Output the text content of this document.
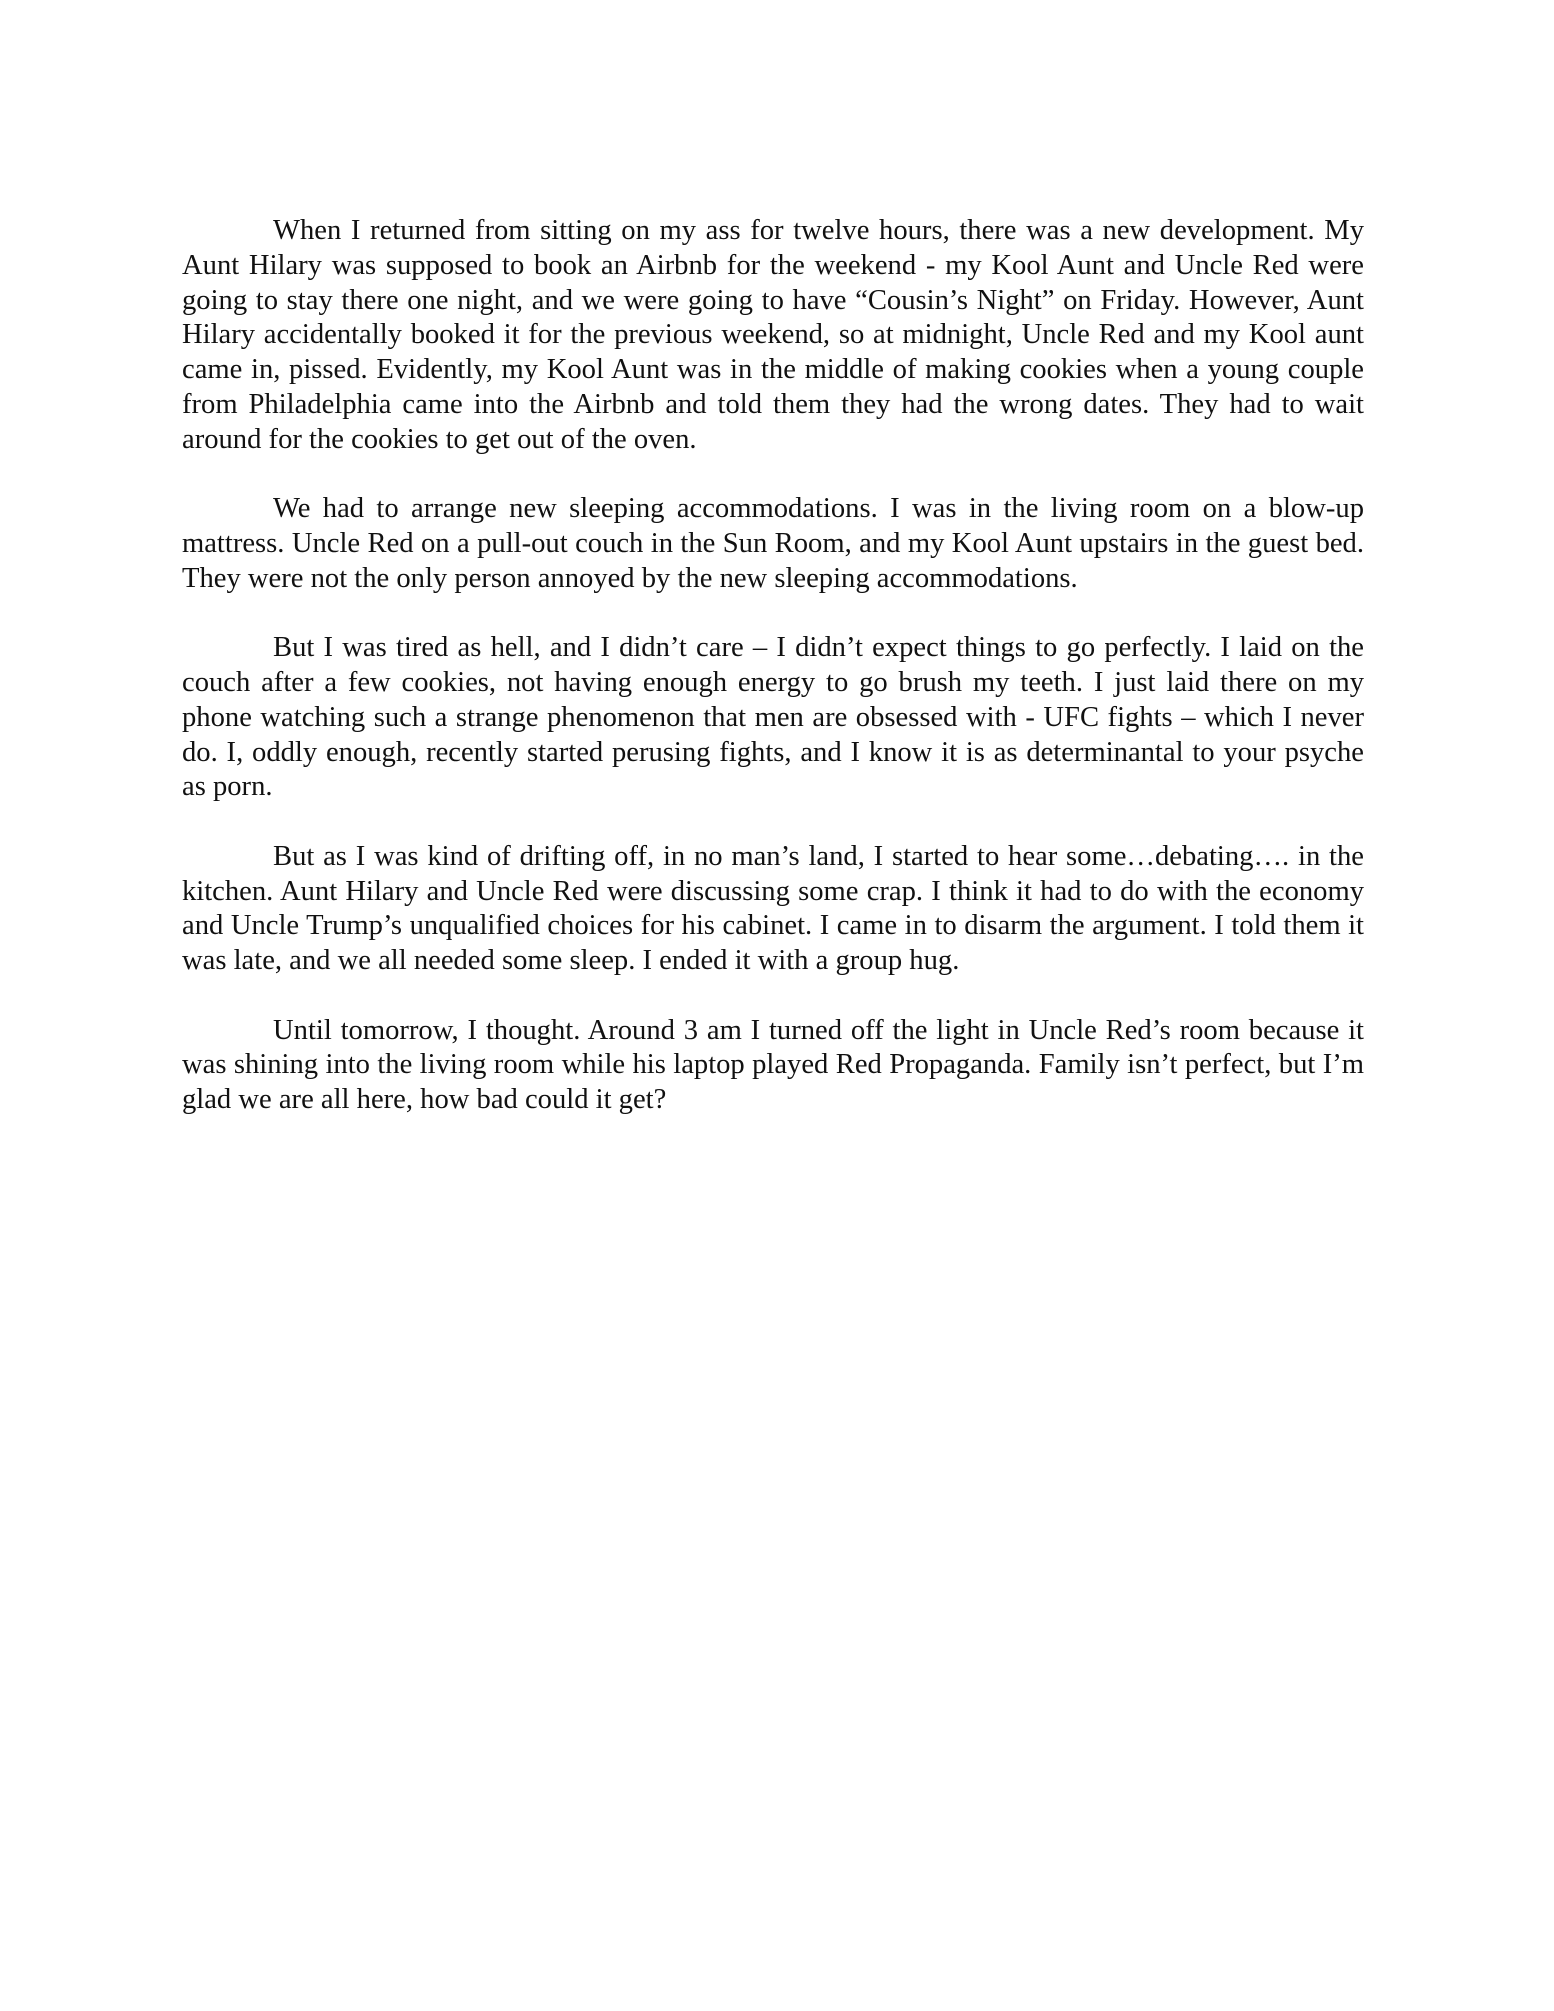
When I returned from sitting on my ass for twelve hours, there was a new development. My Aunt Hilary was supposed to book an Airbnb for the weekend - my Kool Aunt and Uncle Red were going to stay there one night, and we were going to have “Cousin’s Night” on Friday. However, Aunt Hilary accidentally booked it for the previous weekend, so at midnight, Uncle Red and my Kool aunt came in, pissed. Evidently, my Kool Aunt was in the middle of making cookies when a young couple from Philadelphia came into the Airbnb and told them they had the wrong dates. They had to wait around for the cookies to get out of the oven.

We had to arrange new sleeping accommodations. I was in the living room on a blow-up mattress. Uncle Red on a pull-out couch in the Sun Room, and my Kool Aunt upstairs in the guest bed. They were not the only person annoyed by the new sleeping accommodations.

But I was tired as hell, and I didn’t care – I didn’t expect things to go perfectly. I laid on the couch after a few cookies, not having enough energy to go brush my teeth. I just laid there on my phone watching such a strange phenomenon that men are obsessed with - UFC fights – which I never do. I, oddly enough, recently started perusing fights, and I know it is as determinantal to your psyche as porn.

But as I was kind of drifting off, in no man’s land, I started to hear some…debating…. in the kitchen. Aunt Hilary and Uncle Red were discussing some crap. I think it had to do with the economy and Uncle Trump’s unqualified choices for his cabinet. I came in to disarm the argument. I told them it was late, and we all needed some sleep. I ended it with a group hug.

Until tomorrow, I thought. Around 3 am I turned off the light in Uncle Red’s room because it was shining into the living room while his laptop played Red Propaganda. Family isn’t perfect, but I’m glad we are all here, how bad could it get?
